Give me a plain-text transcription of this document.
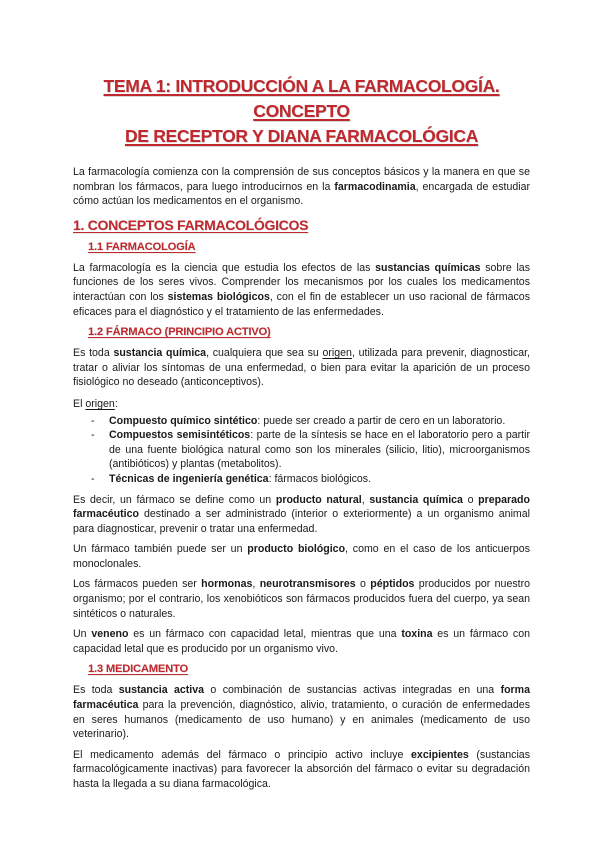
TEMA 1: INTRODUCCIÓN A LA FARMACOLOGÍA. CONCEPTO
DE RECEPTOR Y DIANA FARMACOLÓGICA

La farmacología comienza con la comprensión de sus conceptos básicos y la manera en que se nombran los fármacos, para luego introducirnos en la farmacodinamia, encargada de estudiar cómo actúan los medicamentos en el organismo.

1. CONCEPTOS FARMACOLÓGICOS
1.1 FARMACOLOGÍA

La farmacología es la ciencia que estudia los efectos de las sustancias químicas sobre las funciones de los seres vivos. Comprender los mecanismos por los cuales los medicamentos interactúan con los sistemas biológicos, con el fin de establecer un uso racional de fármacos eficaces para el diagnóstico y el tratamiento de las enfermedades.

1.2 FÁRMACO (PRINCIPIO ACTIVO)

Es toda sustancia química, cualquiera que sea su origen, utilizada para prevenir, diagnosticar, tratar o aliviar los síntomas de una enfermedad, o bien para evitar la aparición de un proceso fisiológico no deseado (anticonceptivos).

El origen:

- Compuesto químico sintético: puede ser creado a partir de cero en un laboratorio.
- Compuestos semisintéticos: parte de la síntesis se hace en el laboratorio pero a partir de una fuente biológica natural como son los minerales (silicio, litio), microorganismos (antibióticos) y plantas (metabolitos).
- Técnicas de ingeniería genética: fármacos biológicos.

Es decir, un fármaco se define como un producto natural, sustancia química o preparado farmacéutico destinado a ser administrado (interior o exteriormente) a un organismo animal para diagnosticar, prevenir o tratar una enfermedad.

Un fármaco también puede ser un producto biológico, como en el caso de los anticuerpos monoclonales.

Los fármacos pueden ser hormonas, neurotransmisores o péptidos producidos por nuestro organismo; por el contrario, los xenobióticos son fármacos producidos fuera del cuerpo, ya sean sintéticos o naturales.

Un veneno es un fármaco con capacidad letal, mientras que una toxina es un fármaco con capacidad letal que es producido por un organismo vivo.

1.3 MEDICAMENTO

Es toda sustancia activa o combinación de sustancias activas integradas en una forma farmacéutica para la prevención, diagnóstico, alivio, tratamiento, o curación de enfermedades en seres humanos (medicamento de uso humano) y en animales (medicamento de uso veterinario).

El medicamento además del fármaco o principio activo incluye excipientes (sustancias farmacológicamente inactivas) para favorecer la absorción del fármaco o evitar su degradación hasta la llegada a su diana farmacológica.
